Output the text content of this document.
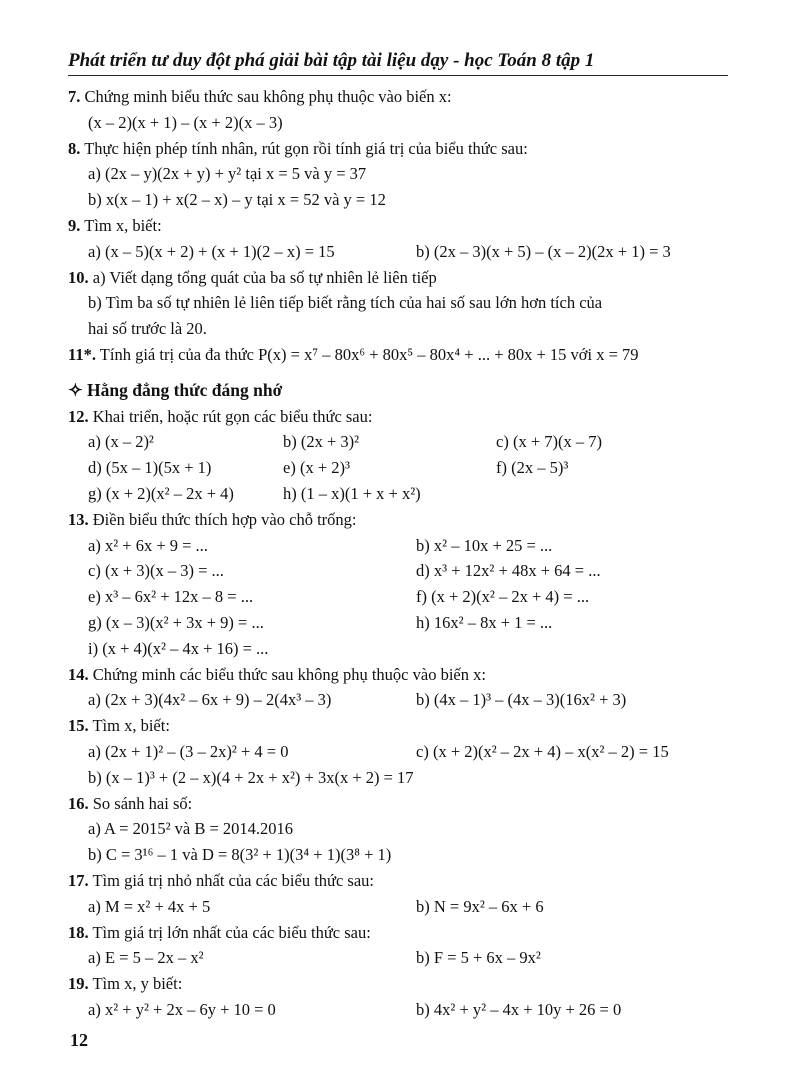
Phát triển tư duy đột phá giải bài tập tài liệu dạy - học Toán 8 tập 1
7. Chứng minh biểu thức sau không phụ thuộc vào biến x:
(x – 2)(x + 1) – (x + 2)(x – 3)
8. Thực hiện phép tính nhân, rút gọn rồi tính giá trị của biểu thức sau:
a) (2x – y)(2x + y) + y² tại x = 5 và y = 37
b) x(x – 1) + x(2 – x) – y tại x = 52 và y = 12
9. Tìm x, biết:
a) (x – 5)(x + 2) + (x + 1)(2 – x) = 15	b) (2x – 3)(x + 5) – (x – 2)(2x + 1) = 3
10. a) Viết dạng tổng quát của ba số tự nhiên lẻ liên tiếp
b) Tìm ba số tự nhiên lẻ liên tiếp biết rằng tích của hai số sau lớn hơn tích của
hai số trước là 20.
11*. Tính giá trị của đa thức P(x) = x⁷ – 80x⁶ + 80x⁵ – 80x⁴ + ... + 80x + 15 với x = 79
✧ Hằng đẳng thức đáng nhớ
12. Khai triển, hoặc rút gọn các biểu thức sau:
a) (x – 2)²	b) (2x + 3)²	c) (x + 7)(x – 7)
d) (5x – 1)(5x + 1)	e) (x + 2)³	f) (2x – 5)³
g) (x + 2)(x² – 2x + 4)	h) (1 – x)(1 + x + x²)
13. Điền biểu thức thích hợp vào chỗ trống:
a) x² + 6x + 9 = ...	b) x² – 10x + 25 = ...
c) (x + 3)(x – 3) = ...	d) x³ + 12x² + 48x + 64 = ...
e) x³ – 6x² + 12x – 8 = ...	f) (x + 2)(x² – 2x + 4) = ...
g) (x – 3)(x² + 3x + 9) = ...	h) 16x² – 8x + 1 = ...
i) (x + 4)(x² – 4x + 16) = ...
14. Chứng minh các biểu thức sau không phụ thuộc vào biến x:
a) (2x + 3)(4x² – 6x + 9) – 2(4x³ – 3)	b) (4x – 1)³ – (4x – 3)(16x² + 3)
15. Tìm x, biết:
a) (2x + 1)² – (3 – 2x)² + 4 = 0	c) (x + 2)(x² – 2x + 4) – x(x² – 2) = 15
b) (x – 1)³ + (2 – x)(4 + 2x + x²) + 3x(x + 2) = 17
16. So sánh hai số:
a) A = 2015² và B = 2014.2016
b) C = 3¹⁶ – 1 và D = 8(3² + 1)(3⁴ + 1)(3⁸ + 1)
17. Tìm giá trị nhỏ nhất của các biểu thức sau:
a) M = x² + 4x + 5	b) N = 9x² – 6x + 6
18. Tìm giá trị lớn nhất của các biểu thức sau:
a) E = 5 – 2x – x²	b) F = 5 + 6x – 9x²
19. Tìm x, y biết:
a) x² + y² + 2x – 6y + 10 = 0	b) 4x² + y² – 4x + 10y + 26 = 0
12
